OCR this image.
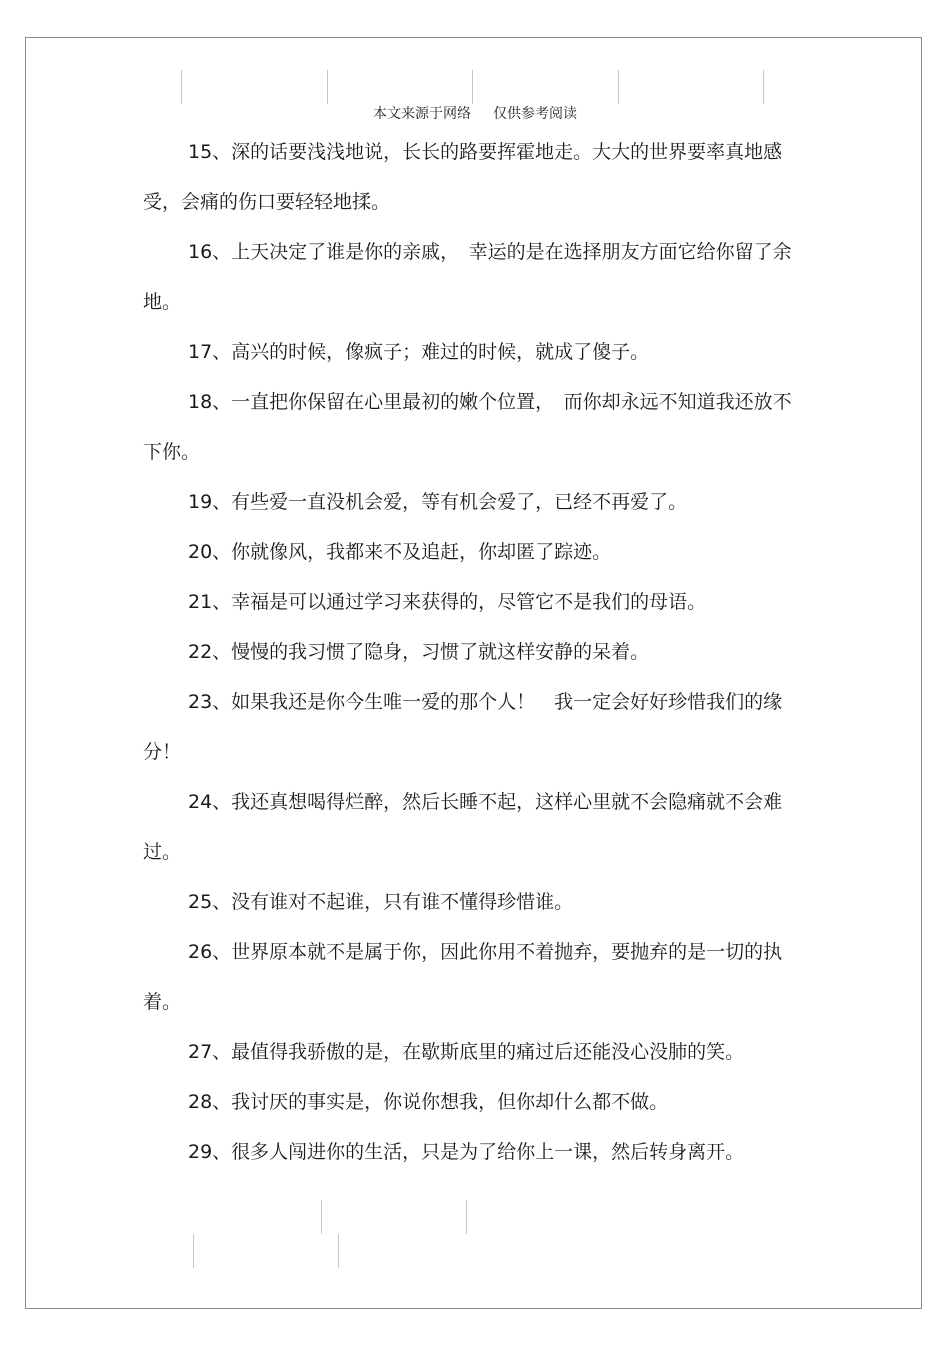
本文来源于网络 仅供参考阅读

15、深的话要浅浅地说，长长的路要挥霍地走。大大的世界要率真地感受，会痛的伤口要轻轻地揉。

16、上天决定了谁是你的亲戚，　幸运的是在选择朋友方面它给你留了余地。

17、高兴的时候，像疯子；难过的时候，就成了傻子。

18、一直把你保留在心里最初的嫩个位置，　而你却永远不知道我还放不下你。

19、有些爱一直没机会爱，等有机会爱了，已经不再爱了。

20、你就像风，我都来不及追赶，你却匿了踪迹。

21、幸福是可以通过学习来获得的，尽管它不是我们的母语。

22、慢慢的我习惯了隐身，习惯了就这样安静的呆着。

23、如果我还是你今生唯一爱的那个人！　我一定会好好珍惜我们的缘分！

24、我还真想喝得烂醉，然后长睡不起，这样心里就不会隐痛就不会难过。

25、没有谁对不起谁，只有谁不懂得珍惜谁。

26、世界原本就不是属于你，因此你用不着抛弃，要抛弃的是一切的执着。

27、最值得我骄傲的是，在歇斯底里的痛过后还能没心没肺的笑。

28、我讨厌的事实是，你说你想我，但你却什么都不做。

29、很多人闯进你的生活，只是为了给你上一课，然后转身离开。
